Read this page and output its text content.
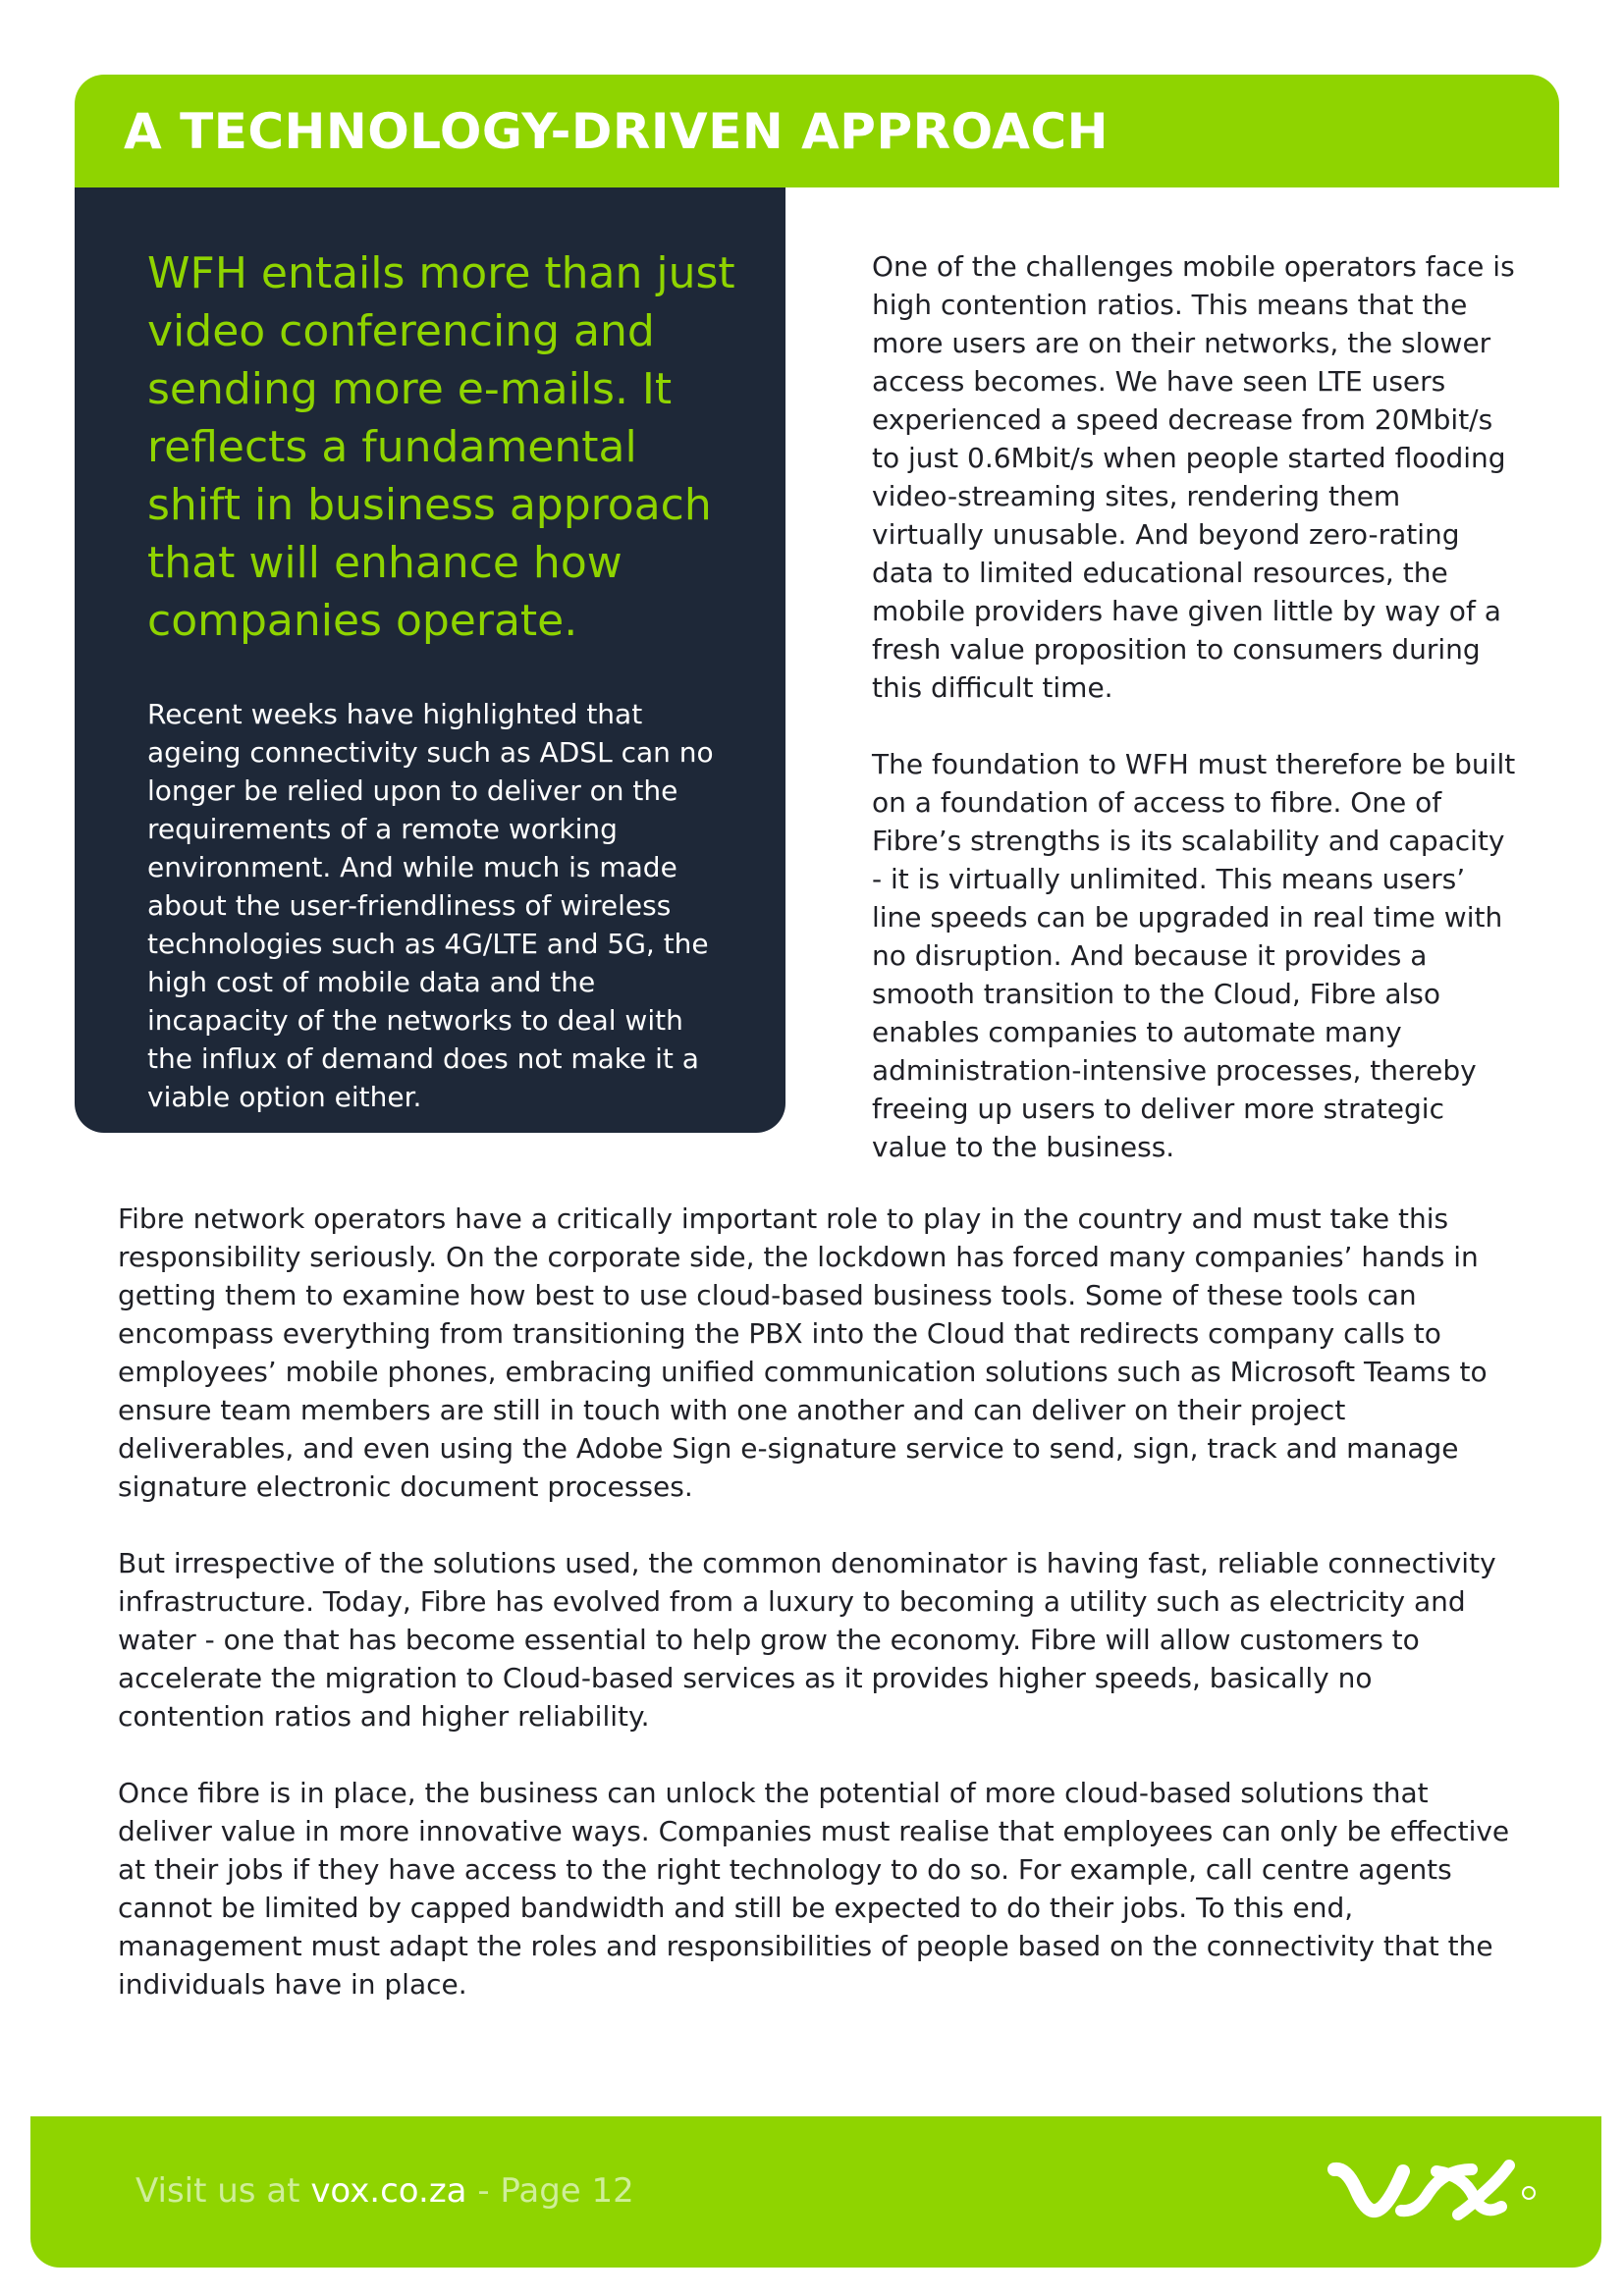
A TECHNOLOGY-DRIVEN APPROACH

WFH entails more than just video conferencing and sending more e-mails. It reflects a fundamental shift in business approach that will enhance how companies operate.

Recent weeks have highlighted that ageing connectivity such as ADSL can no longer be relied upon to deliver on the requirements of a remote working environment. And while much is made about the user-friendliness of wireless technologies such as 4G/LTE and 5G, the high cost of mobile data and the incapacity of the networks to deal with the influx of demand does not make it a viable option either.

One of the challenges mobile operators face is high contention ratios. This means that the more users are on their networks, the slower access becomes. We have seen LTE users experienced a speed decrease from 20Mbit/s to just 0.6Mbit/s when people started flooding video-streaming sites, rendering them virtually unusable. And beyond zero-rating data to limited educational resources, the mobile providers have given little by way of a fresh value proposition to consumers during this difficult time.

The foundation to WFH must therefore be built on a foundation of access to fibre. One of Fibre’s strengths is its scalability and capacity - it is virtually unlimited. This means users’ line speeds can be upgraded in real time with no disruption. And because it provides a smooth transition to the Cloud, Fibre also enables companies to automate many administration-intensive processes, thereby freeing up users to deliver more strategic value to the business.

Fibre network operators have a critically important role to play in the country and must take this responsibility seriously. On the corporate side, the lockdown has forced many companies’ hands in getting them to examine how best to use cloud-based business tools. Some of these tools can encompass everything from transitioning the PBX into the Cloud that redirects company calls to employees’ mobile phones, embracing unified communication solutions such as Microsoft Teams to ensure team members are still in touch with one another and can deliver on their project deliverables, and even using the Adobe Sign e-signature service to send, sign, track and manage signature electronic document processes.

But irrespective of the solutions used, the common denominator is having fast, reliable connectivity infrastructure. Today, Fibre has evolved from a luxury to becoming a utility such as electricity and water - one that has become essential to help grow the economy. Fibre will allow customers to accelerate the migration to Cloud-based services as it provides higher speeds, basically no contention ratios and higher reliability.

Once fibre is in place, the business can unlock the potential of more cloud-based solutions that deliver value in more innovative ways. Companies must realise that employees can only be effective at their jobs if they have access to the right technology to do so. For example, call centre agents cannot be limited by capped bandwidth and still be expected to do their jobs. To this end, management must adapt the roles and responsibilities of people based on the connectivity that the individuals have in place.

Visit us at vox.co.za - Page 12
